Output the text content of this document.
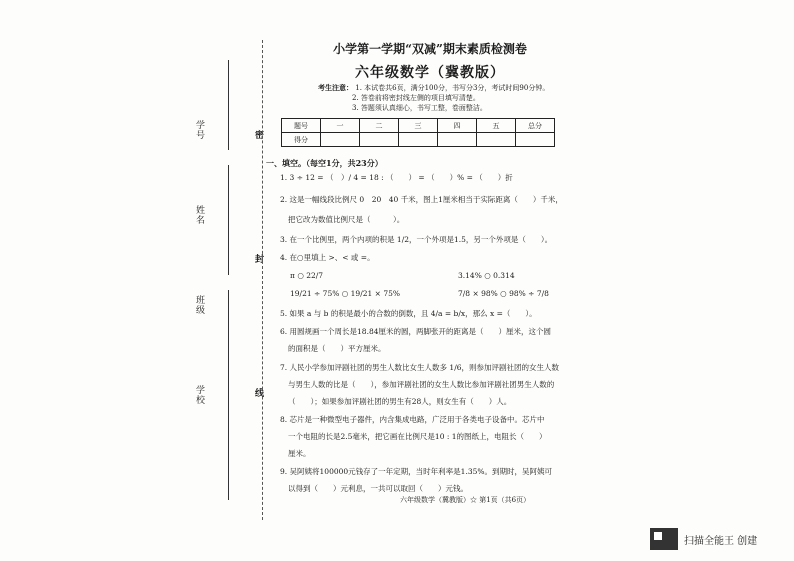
学号
姓名
班级
学校
密
封
线
小学第一学期“双减”期末素质检测卷
六年级数学（冀教版）
考生注意： 1. 本试卷共6页，满分100分，书写分3分，考试时间90分钟。
2. 答卷前将密封线左侧的项目填写清楚。
3. 答题须认真细心，书写工整，卷面整洁。
题号	一	二	三	四	五	总分
得分						
一、填空。（每空1分，共23分）
1. 3 ÷ 12 = （　）/ 4 = 18 : （　　） = （　　）% = （　　）折
2. 这是一幅线段比例尺 0　20　40 千米，图上1厘米相当于实际距离（　　）千米，
把它改为数值比例尺是（　　　）。
3. 在一个比例里，两个内项的积是 1/2，一个外项是1.5，另一个外项是（　　）。
4. 在○里填上 >、< 或 =。
π ○ 22/7	3.14% ○ 0.314
19/21 ÷ 75% ○ 19/21 × 75%	7/8 × 98% ○ 98% ÷ 7/8
5. 如果 a 与 b 的积是最小的合数的倒数，且 4/a = b/x，那么 x =（　　）。
6. 用圆规画一个周长是18.84厘米的圆，两脚张开的距离是（　　）厘米，这个圆
的面积是（　　）平方厘米。
7. 人民小学参加评剧社团的男生人数比女生人数多 1/6，则参加评剧社团的女生人数
与男生人数的比是（　　），参加评剧社团的女生人数比参加评剧社团男生人数的
（　　）；如果参加评剧社团的男生有28人，则女生有（　　）人。
8. 芯片是一种微型电子器件，内含集成电路，广泛用于各类电子设备中。芯片中
一个电阻的长是2.5毫米，把它画在比例尺是10 : 1的图纸上，电阻长（　　）
厘米。
9. 吴阿姨将100000元钱存了一年定期，当时年利率是1.35%。到期时，吴阿姨可
以得到（　　）元利息，一共可以取回（　　）元钱。
六年级数学（冀教版）☆ 第1页（共6页）
扫描全能王 创建
